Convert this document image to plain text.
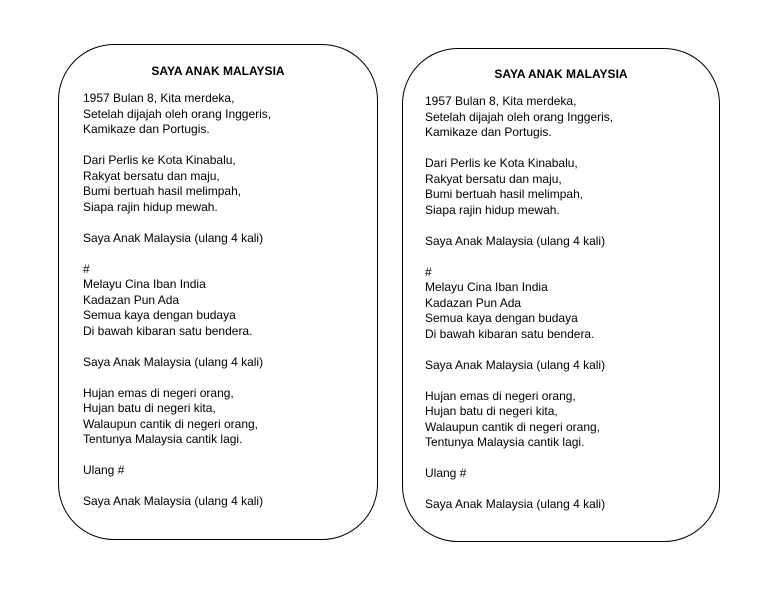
SAYA ANAK MALAYSIA
1957 Bulan 8, Kita merdeka,
Setelah dijajah oleh orang Inggeris,
Kamikaze dan Portugis.
Dari Perlis ke Kota Kinabalu,
Rakyat bersatu dan maju,
Bumi bertuah hasil melimpah,
Siapa rajin hidup mewah.
Saya Anak Malaysia (ulang 4 kali)
#
Melayu Cina Iban India
Kadazan Pun Ada
Semua kaya dengan budaya
Di bawah kibaran satu bendera.
Saya Anak Malaysia (ulang 4 kali)
Hujan emas di negeri orang,
Hujan batu di negeri kita,
Walaupun cantik di negeri orang,
Tentunya Malaysia cantik lagi.
Ulang #
Saya Anak Malaysia (ulang 4 kali)
SAYA ANAK MALAYSIA
1957 Bulan 8, Kita merdeka,
Setelah dijajah oleh orang Inggeris,
Kamikaze dan Portugis.
Dari Perlis ke Kota Kinabalu,
Rakyat bersatu dan maju,
Bumi bertuah hasil melimpah,
Siapa rajin hidup mewah.
Saya Anak Malaysia (ulang 4 kali)
#
Melayu Cina Iban India
Kadazan Pun Ada
Semua kaya dengan budaya
Di bawah kibaran satu bendera.
Saya Anak Malaysia (ulang 4 kali)
Hujan emas di negeri orang,
Hujan batu di negeri kita,
Walaupun cantik di negeri orang,
Tentunya Malaysia cantik lagi.
Ulang #
Saya Anak Malaysia (ulang 4 kali)
